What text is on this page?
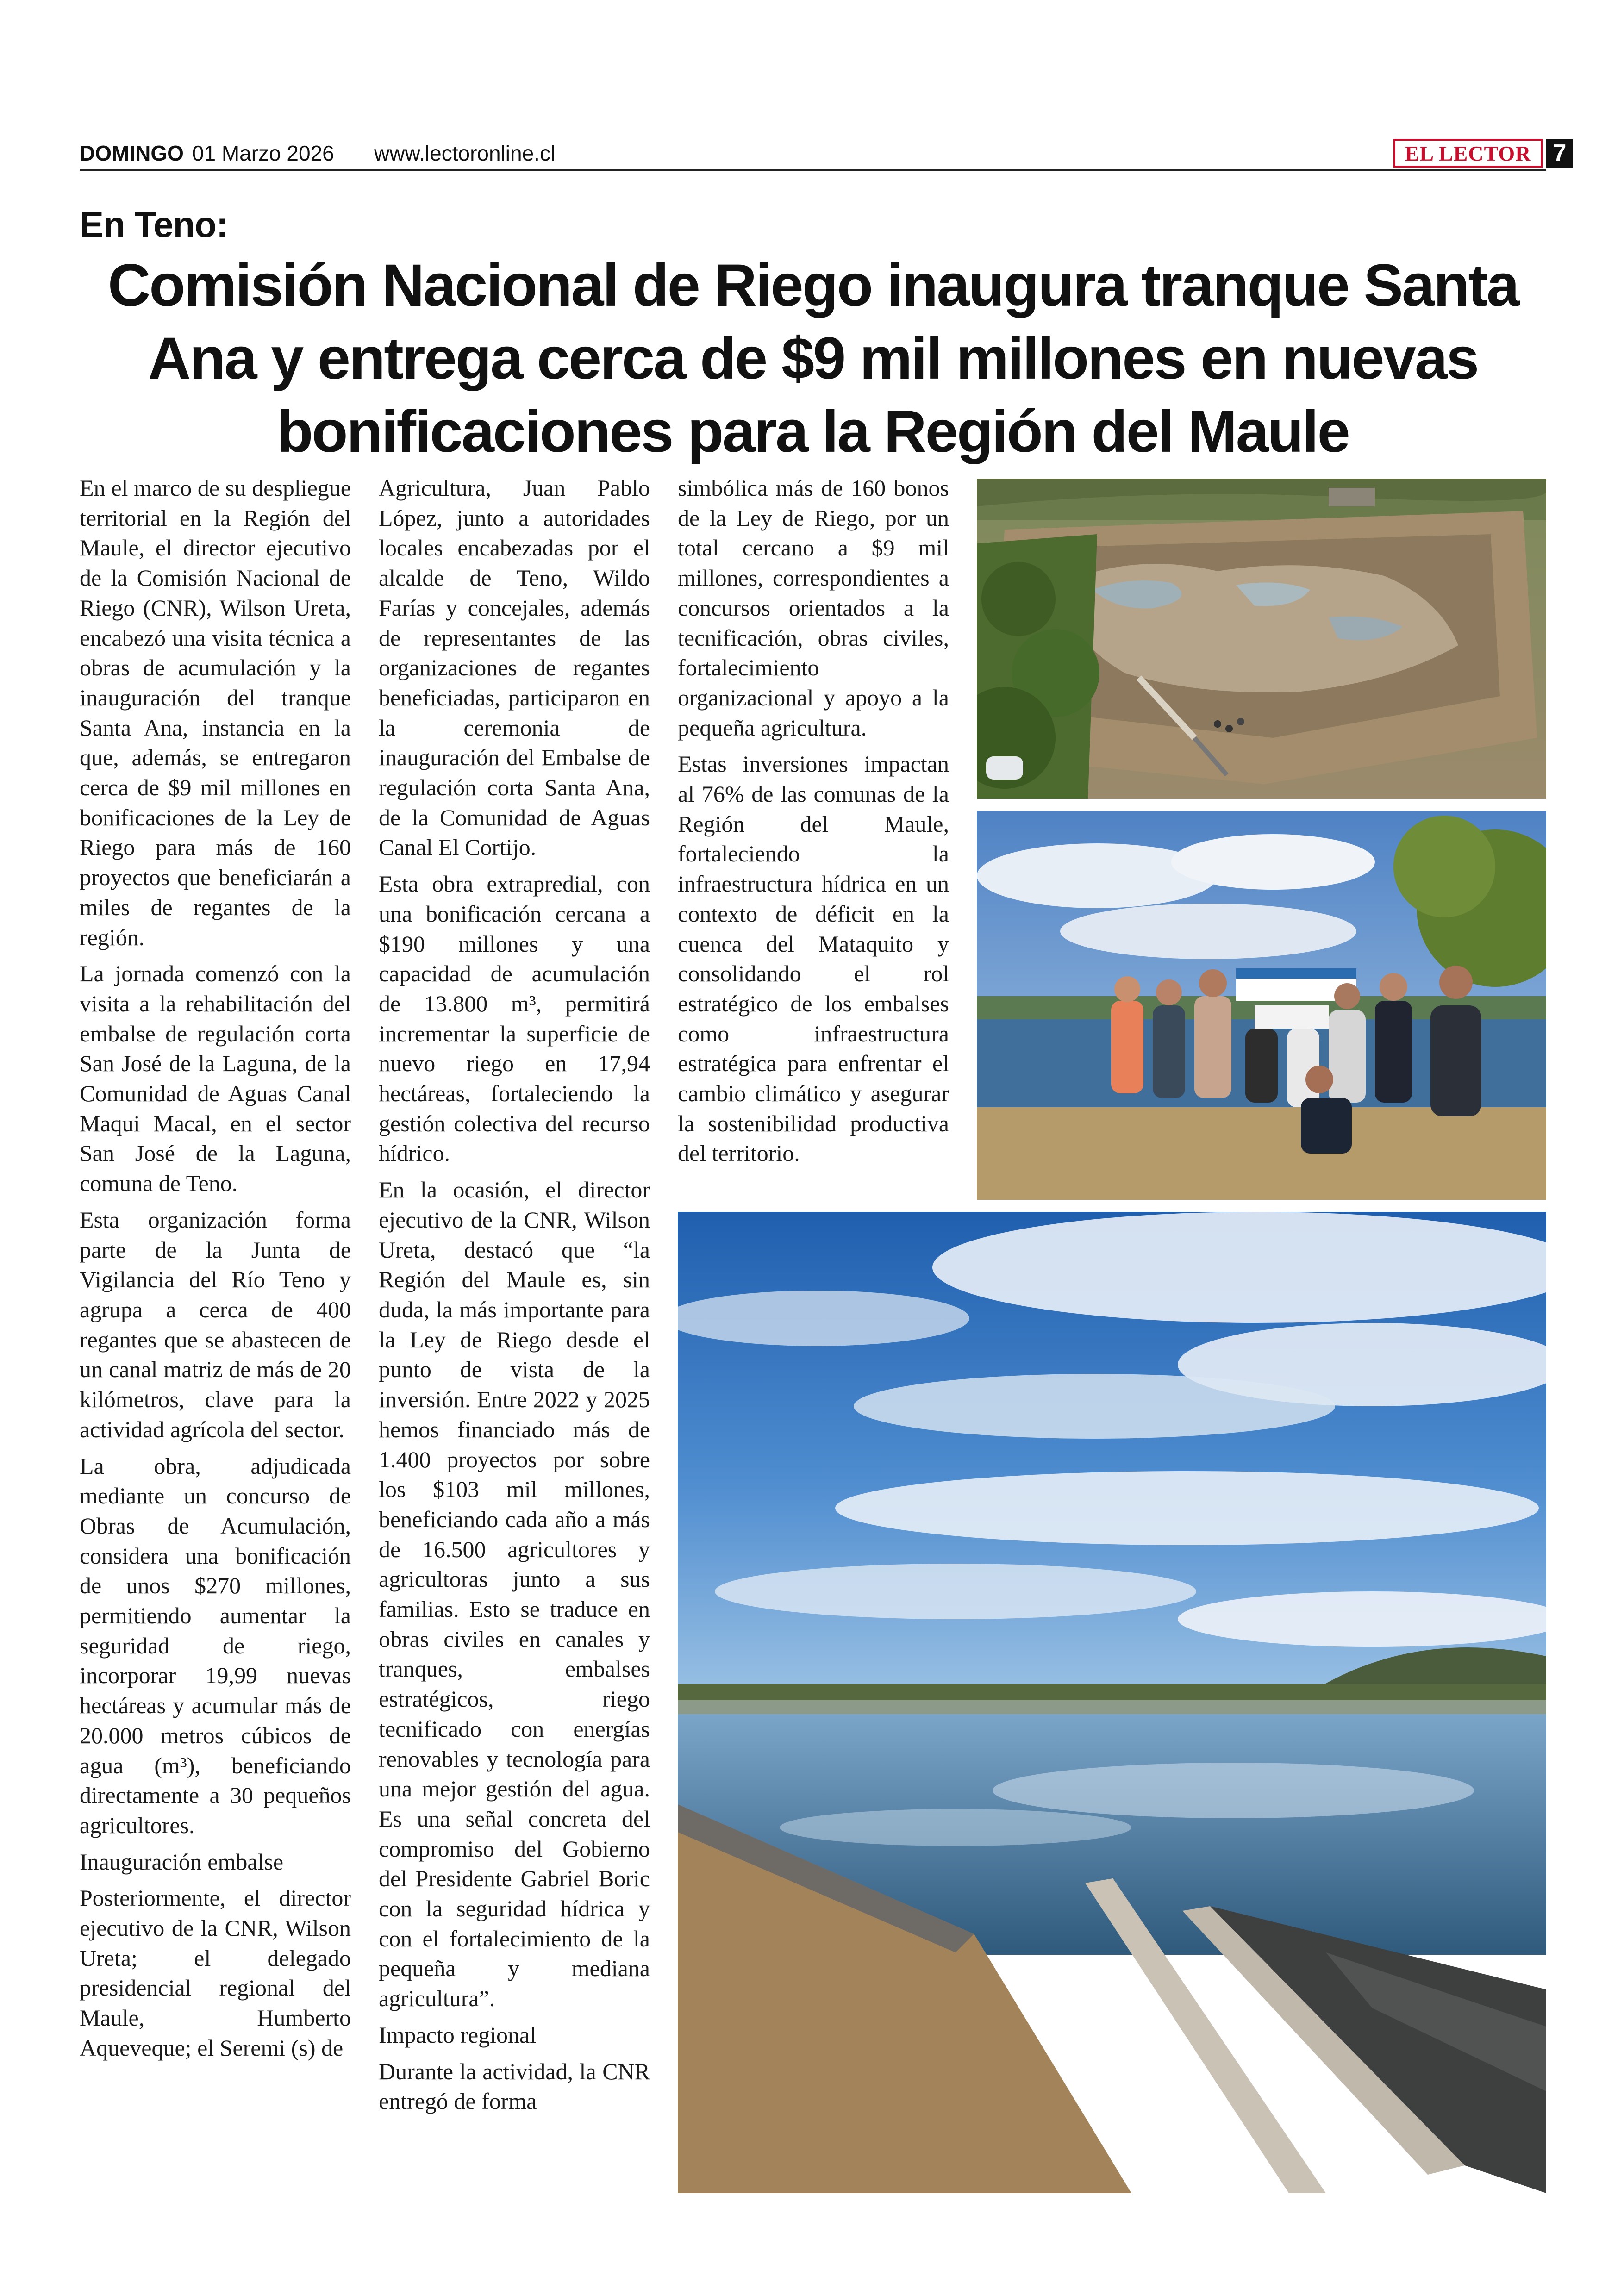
DOMINGO 01 Marzo 2026 www.lectoronline.cl	EL LECTOR 7
En Teno:
Comisión Nacional de Riego inaugura tranque Santa Ana y entrega cerca de $9 mil millones en nuevas bonificaciones para la Región del Maule

En el marco de su despliegue territorial en la Región del Maule, el director ejecutivo de la Comisión Nacional de Riego (CNR), Wilson Ureta, encabezó una visita técnica a obras de acumulación y la inauguración del tranque Santa Ana, instancia en la que, además, se entregaron cerca de $9 mil millones en bonificaciones de la Ley de Riego para más de 160 proyectos que beneficiarán a miles de regantes de la región.

La jornada comenzó con la visita a la rehabilitación del embalse de regulación corta San José de la Laguna, de la Comunidad de Aguas Canal Maqui Macal, en el sector San José de la Laguna, comuna de Teno.

Esta organización forma parte de la Junta de Vigilancia del Río Teno y agrupa a cerca de 400 regantes que se abastecen de un canal matriz de más de 20 kilómetros, clave para la actividad agrícola del sector.

La obra, adjudicada mediante un concurso de Obras de Acumulación, considera una bonificación de unos $270 millones, permitiendo aumentar la seguridad de riego, incorporar 19,99 nuevas hectáreas y acumular más de 20.000 metros cúbicos de agua (m³), beneficiando directamente a 30 pequeños agricultores.

Inauguración embalse

Posteriormente, el director ejecutivo de la CNR, Wilson Ureta; el delegado presidencial regional del Maule, Humberto Aqueveque; el Seremi (s) de

Agricultura, Juan Pablo López, junto a autoridades locales encabezadas por el alcalde de Teno, Wildo Farías y concejales, además de representantes de las organizaciones de regantes beneficiadas, participaron en la ceremonia de inauguración del Embalse de regulación corta Santa Ana, de la Comunidad de Aguas Canal El Cortijo.

Esta obra extrapredial, con una bonificación cercana a $190 millones y una capacidad de acumulación de 13.800 m³, permitirá incrementar la superficie de nuevo riego en 17,94 hectáreas, fortaleciendo la gestión colectiva del recurso hídrico.

En la ocasión, el director ejecutivo de la CNR, Wilson Ureta, destacó que “la Región del Maule es, sin duda, la más importante para la Ley de Riego desde el punto de vista de la inversión. Entre 2022 y 2025 hemos financiado más de 1.400 proyectos por sobre los $103 mil millones, beneficiando cada año a más de 16.500 agricultores y agricultoras junto a sus familias. Esto se traduce en obras civiles en canales y tranques, embalses estratégicos, riego tecnificado con energías renovables y tecnología para una mejor gestión del agua. Es una señal concreta del compromiso del Gobierno del Presidente Gabriel Boric con la seguridad hídrica y con el fortalecimiento de la pequeña y mediana agricultura”.

Impacto regional

Durante la actividad, la CNR entregó de forma

simbólica más de 160 bonos de la Ley de Riego, por un total cercano a $9 mil millones, correspondientes a concursos orientados a la tecnificación, obras civiles, fortalecimiento organizacional y apoyo a la pequeña agricultura.

Estas inversiones impactan al 76% de las comunas de la Región del Maule, fortaleciendo la infraestructura hídrica en un contexto de déficit en la cuenca del Mataquito y consolidando el rol estratégico de los embalses como infraestructura estratégica para enfrentar el cambio climático y asegurar la sostenibilidad productiva del territorio.
